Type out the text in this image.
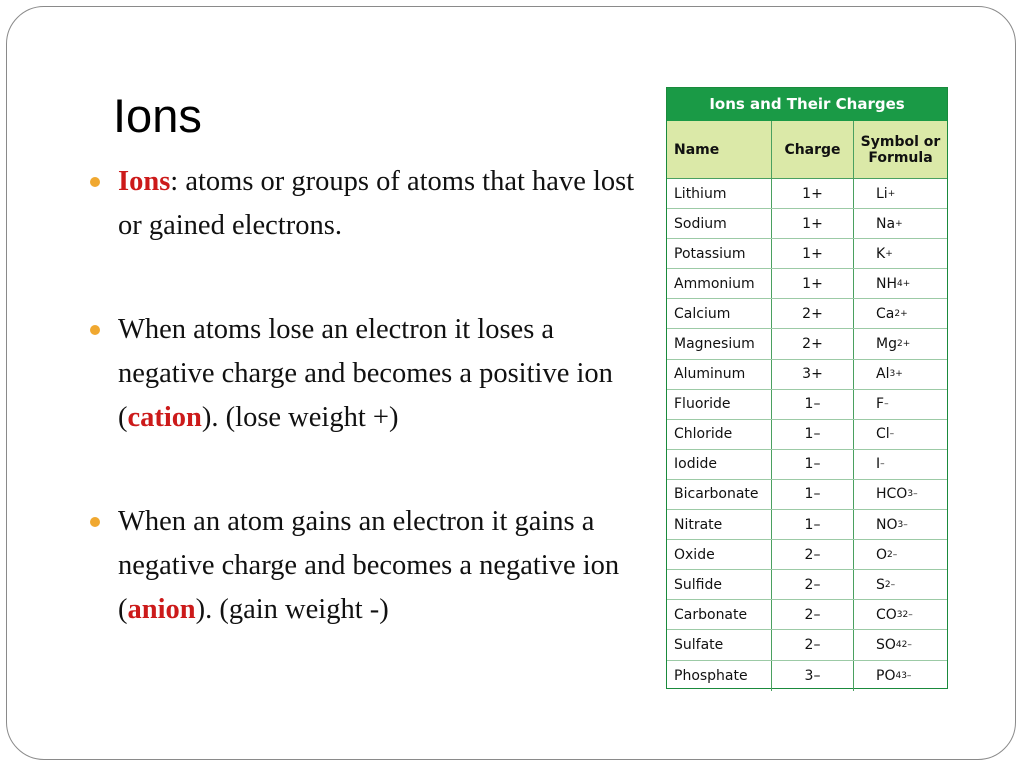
Ions
Ions: atoms or groups of atoms that have lost or gained electrons.
When atoms lose an electron it loses a negative charge and becomes a positive ion (cation). (lose weight +)
When an atom gains an electron it gains a negative charge and becomes a negative ion (anion). (gain weight -)
Ions and Their Charges
Name	Charge	Symbol or Formula
Lithium	1+	Li +
Sodium	1+	Na +
Potassium	1+	K +
Ammonium	1+	NH 4 +
Calcium	2+	Ca 2+
Magnesium	2+	Mg 2+
Aluminum	3+	Al 3+
Fluoride	1–	F –
Chloride	1–	Cl –
Iodide	1–	I –
Bicarbonate	1–	HCO 3 –
Nitrate	1–	NO 3 –
Oxide	2–	O 2–
Sulfide	2–	S 2–
Carbonate	2–	CO 3 2–
Sulfate	2–	SO 4 2–
Phosphate	3–	PO 4 3–
